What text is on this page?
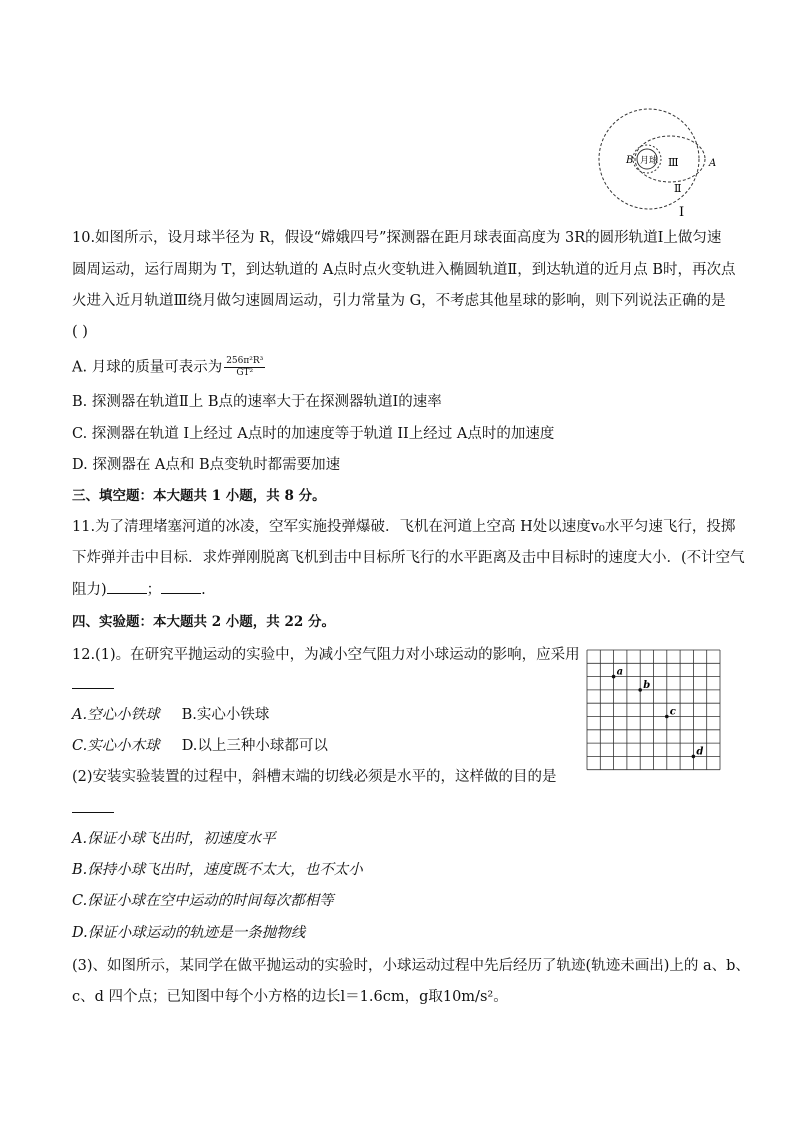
月球
B	Ⅲ	A
Ⅱ
Ⅰ
10.如图所示，设月球半径为 R，假设“嫦娥四号”探测器在距月球表面高度为 3R的圆形轨道Ⅰ上做匀速
圆周运动，运行周期为 T，到达轨道的 A点时点火变轨进入椭圆轨道Ⅱ，到达轨道的近月点 B时，再次点
火进入近月轨道Ⅲ绕月做匀速圆周运动，引力常量为 G，不考虑其他星球的影响，则下列说法正确的是
( )
A. 月球的质量可表示为 $\frac{\text{256π²R³}}{\text{GT²}}$
B. 探测器在轨道Ⅱ上 B点的速率大于在探测器轨道Ⅰ的速率
C. 探测器在轨道 I上经过 A点时的加速度等于轨道 II上经过 A点时的加速度
D. 探测器在 A点和 B点变轨时都需要加速
三、填空题：本大题共 1 小题，共 8 分。
11.为了清理堵塞河道的冰凌，空军实施投弹爆破．飞机在河道上空高 H处以速度v₀水平匀速飞行，投掷
下炸弹并击中目标．求炸弹刚脱离飞机到击中目标所飞行的水平距离及击中目标时的速度大小．(不计空气
阻力)	；	.
四、实验题：本大题共 2 小题，共 22 分。
12.(1)。在研究平抛运动的实验中，为减小空气阻力对小球运动的影响，应采用
A.空心小铁球 B.实心小铁球
C.实心小木球 D.以上三种小球都可以
(2)安装实验装置的过程中，斜槽末端的切线必须是水平的，这样做的目的是
A.保证小球飞出时，初速度水平
B.保持小球飞出时，速度既不太大，也不太小
C.保证小球在空中运动的时间每次都相等
D.保证小球运动的轨迹是一条抛物线
(3)、如图所示，某同学在做平抛运动的实验时，小球运动过程中先后经历了轨迹(轨迹未画出)上的 a、b、
c、d 四个点；已知图中每个小方格的边长l＝1.6cm，g取10m/s²。
a
b
c
d
